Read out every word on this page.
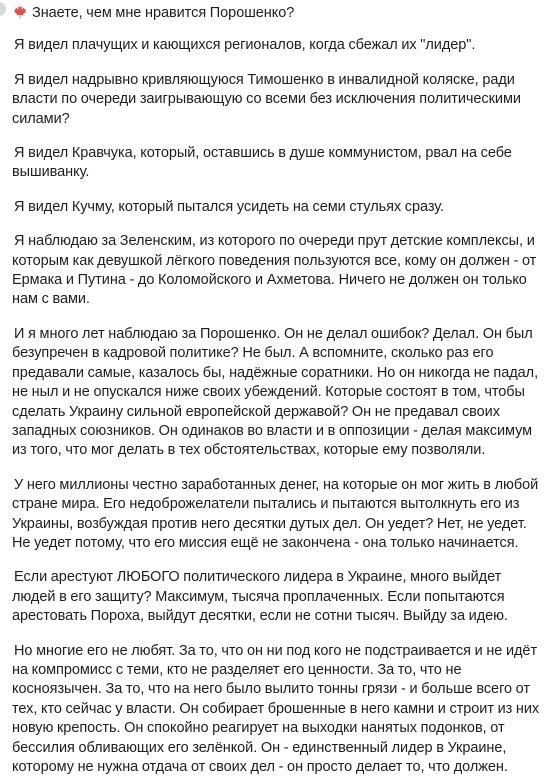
Знаете, чем мне нравится Порошенко?

Я видел плачущих и кающихся регионалов, когда сбежал их "лидер".

Я видел надрывно кривляющуюся Тимошенко в инвалидной коляске, ради власти по очереди заигрывающую со всеми без исключения политическими силами?

Я видел Кравчука, который, оставшись в душе коммунистом, рвал на себе вышиванку.

Я видел Кучму, который пытался усидеть на семи стульях сразу.

Я наблюдаю за Зеленским, из которого по очереди прут детские комплексы, и которым как девушкой лёгкого поведения пользуются все, кому он должен - от Ермака и Путина - до Коломойского и Ахметова. Ничего не должен он только нам с вами.

И я много лет наблюдаю за Порошенко. Он не делал ошибок? Делал. Он был безупречен в кадровой политике? Не был. А вспомните, сколько раз его предавали самые, казалось бы, надёжные соратники. Но он никогда не падал, не ныл и не опускался ниже своих убеждений. Которые состоят в том, чтобы сделать Украину сильной европейской державой? Он не предавал своих западных союзников. Он одинаков во власти и в оппозиции - делая максимум из того, что мог делать в тех обстоятельствах, которые ему позволяли.

У него миллионы честно заработанных денег, на которые он мог жить в любой стране мира. Его недоброжелатели пытались и пытаются вытолкнуть его из Украины, возбуждая против него десятки дутых дел. Он уедет? Нет, не уедет. Не уедет потому, что его миссия ещё не закончена - она только начинается.

Если арестуют ЛЮБОГО политического лидера в Украине, много выйдет людей в его защиту? Максимум, тысяча проплаченных. Если попытаются арестовать Пороха, выйдут десятки, если не сотни тысяч. Выйду за идею.

Но многие его не любят. За то, что он ни под кого не подстраивается и не идёт на компромисс с теми, кто не разделяет его ценности. За то, что не косноязычен. За то, что на него было вылито тонны грязи - и больше всего от тех, кто сейчас у власти. Он собирает брошенные в него камни и строит из них новую крепость. Он спокойно реагирует на выходки нанятых подонков, от бессилия обливающих его зелёнкой. Он - единственный лидер в Украине, которому не нужна отдача от своих дел - он просто делает то, что должен.
